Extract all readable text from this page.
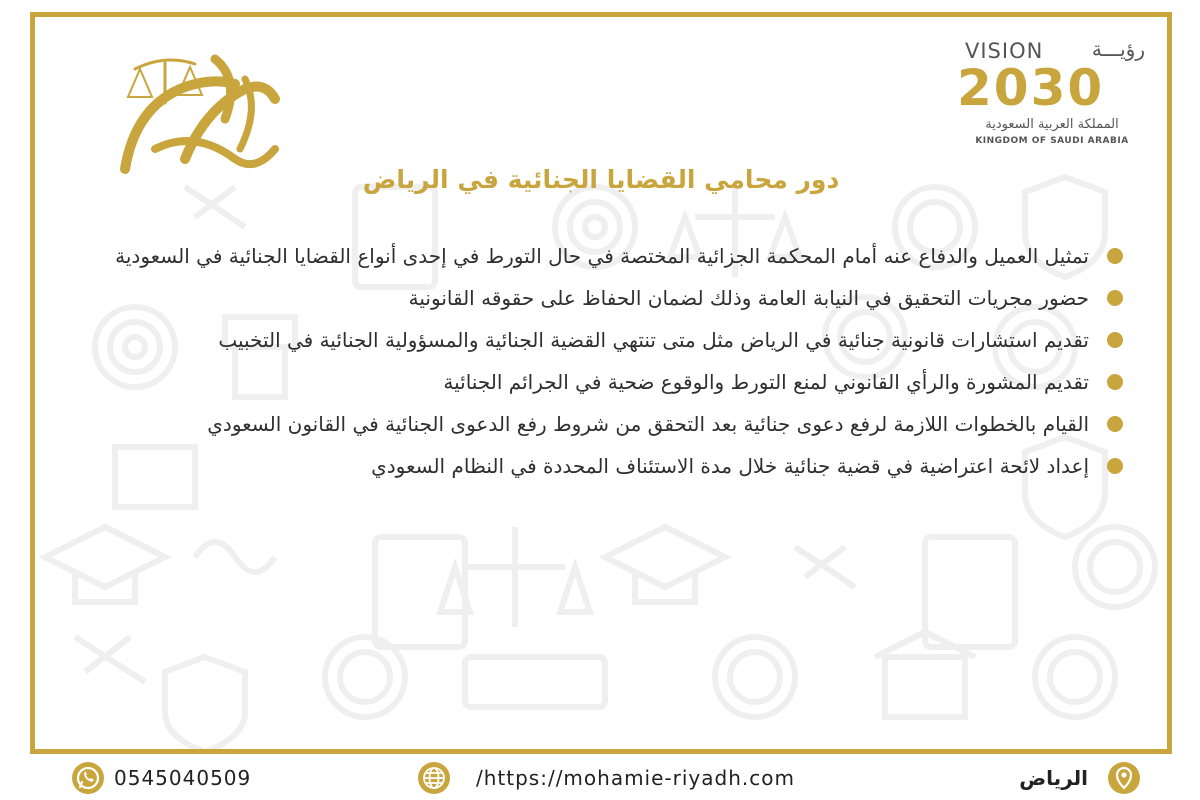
VISION رؤيـــة
2030
المملكة العربية السعودية
KINGDOM OF SAUDI ARABIA
دور محامي القضايا الجنائية في الرياض
تمثيل العميل والدفاع عنه أمام المحكمة الجزائية المختصة في حال التورط في إحدى أنواع القضايا الجنائية في السعودية
حضور مجريات التحقيق في النيابة العامة وذلك لضمان الحفاظ على حقوقه القانونية
تقديم استشارات قانونية جنائية في الرياض مثل متى تنتهي القضية الجنائية والمسؤولية الجنائية في التخبيب
تقديم المشورة والرأي القانوني لمنع التورط والوقوع ضحية في الجرائم الجنائية
القيام بالخطوات اللازمة لرفع دعوى جنائية بعد التحقق من شروط رفع الدعوى الجنائية في القانون السعودي
إعداد لائحة اعتراضية في قضية جنائية خلال مدة الاستئناف المحددة في النظام السعودي
0545040509	/https://mohamie-riyadh.com	الرياض
